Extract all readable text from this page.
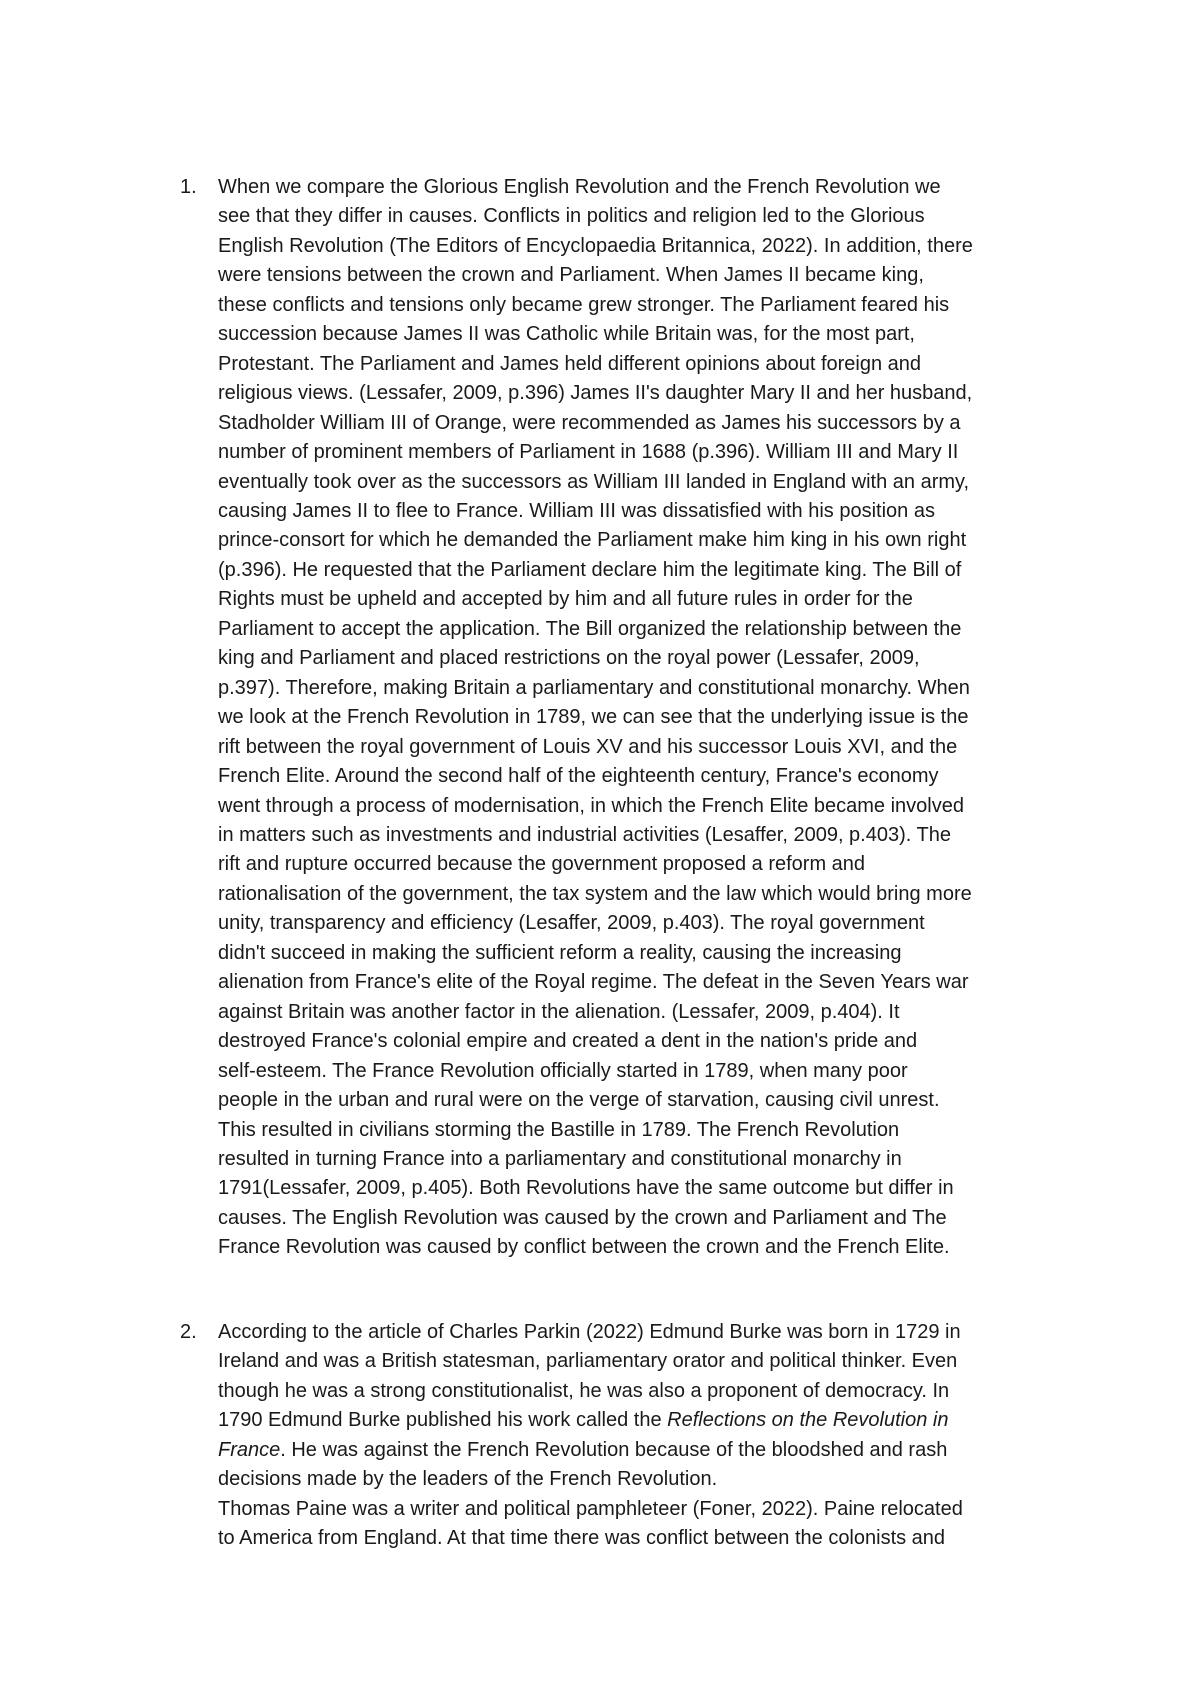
1. When we compare the Glorious English Revolution and the French Revolution we
see that they differ in causes. Conflicts in politics and religion led to the Glorious
English Revolution (The Editors of Encyclopaedia Britannica, 2022). In addition, there
were tensions between the crown and Parliament. When James II became king,
these conflicts and tensions only became grew stronger. The Parliament feared his
succession because James II was Catholic while Britain was, for the most part,
Protestant. The Parliament and James held different opinions about foreign and
religious views. (Lessafer, 2009, p.396) James II's daughter Mary II and her husband,
Stadholder William III of Orange, were recommended as James his successors by a
number of prominent members of Parliament in 1688 (p.396). William III and Mary II
eventually took over as the successors as William III landed in England with an army,
causing James II to flee to France. William III was dissatisfied with his position as
prince-consort for which he demanded the Parliament make him king in his own right
(p.396). He requested that the Parliament declare him the legitimate king. The Bill of
Rights must be upheld and accepted by him and all future rules in order for the
Parliament to accept the application. The Bill organized the relationship between the
king and Parliament and placed restrictions on the royal power (Lessafer, 2009,
p.397). Therefore, making Britain a parliamentary and constitutional monarchy. When
we look at the French Revolution in 1789, we can see that the underlying issue is the
rift between the royal government of Louis XV and his successor Louis XVI, and the
French Elite. Around the second half of the eighteenth century, France's economy
went through a process of modernisation, in which the French Elite became involved
in matters such as investments and industrial activities (Lesaffer, 2009, p.403). The
rift and rupture occurred because the government proposed a reform and
rationalisation of the government, the tax system and the law which would bring more
unity, transparency and efficiency (Lesaffer, 2009, p.403). The royal government
didn't succeed in making the sufficient reform a reality, causing the increasing
alienation from France's elite of the Royal regime. The defeat in the Seven Years war
against Britain was another factor in the alienation. (Lessafer, 2009, p.404). It
destroyed France's colonial empire and created a dent in the nation's pride and
self-esteem. The France Revolution officially started in 1789, when many poor
people in the urban and rural were on the verge of starvation, causing civil unrest.
This resulted in civilians storming the Bastille in 1789. The French Revolution
resulted in turning France into a parliamentary and constitutional monarchy in
1791(Lessafer, 2009, p.405). Both Revolutions have the same outcome but differ in
causes. The English Revolution was caused by the crown and Parliament and The
France Revolution was caused by conflict between the crown and the French Elite.
2. According to the article of Charles Parkin (2022) Edmund Burke was born in 1729 in
Ireland and was a British statesman, parliamentary orator and political thinker. Even
though he was a strong constitutionalist, he was also a proponent of democracy. In
1790 Edmund Burke published his work called the Reflections on the Revolution in
France. He was against the French Revolution because of the bloodshed and rash
decisions made by the leaders of the French Revolution.
Thomas Paine was a writer and political pamphleteer (Foner, 2022). Paine relocated
to America from England. At that time there was conflict between the colonists and
